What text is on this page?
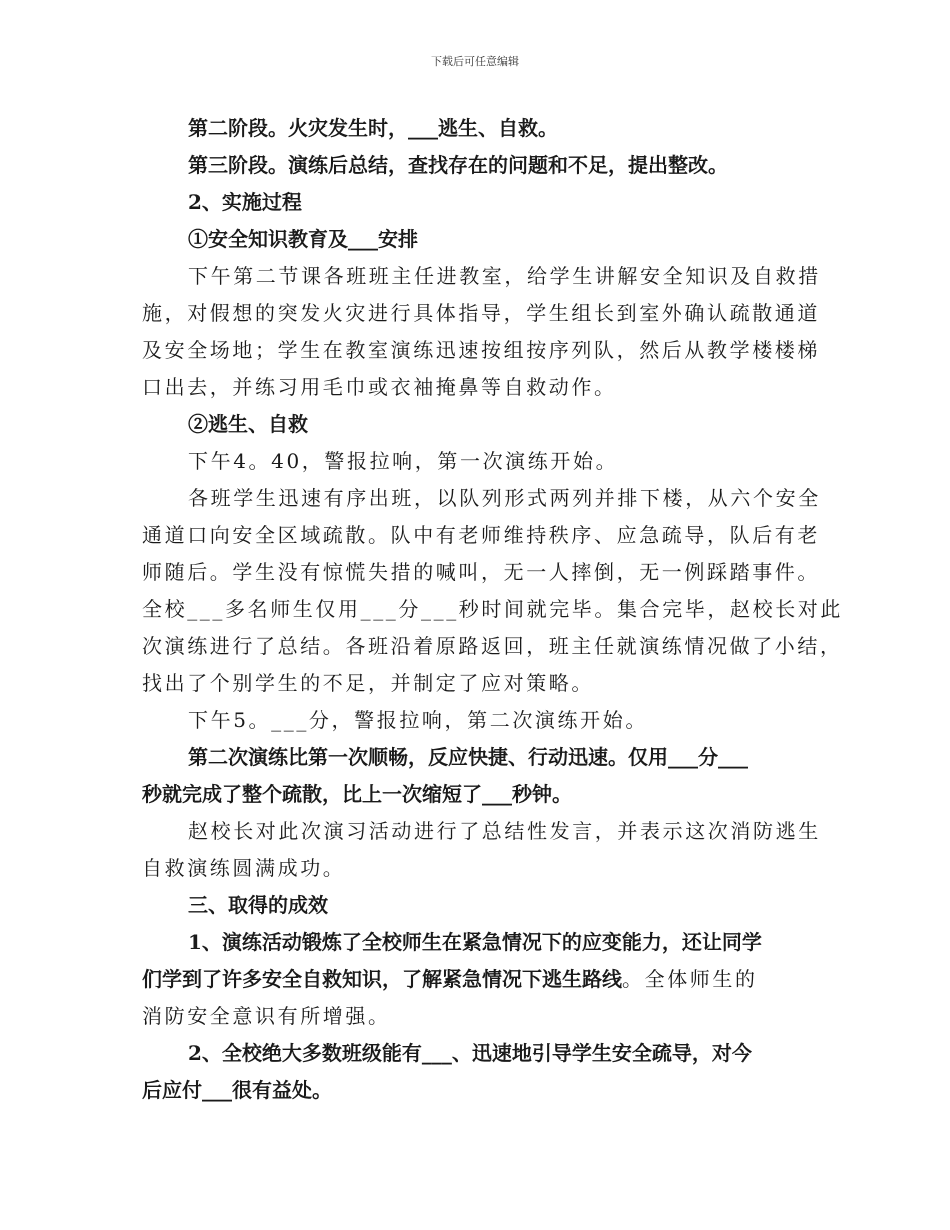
下载后可任意编辑
第二阶段。火灾发生时，___逃生、自救。
第三阶段。演练后总结，查找存在的问题和不足，提出整改。
2、实施过程
①安全知识教育及___安排
下午第二节课各班班主任进教室，给学生讲解安全知识及自救措
施，对假想的突发火灾进行具体指导，学生组长到室外确认疏散通道
及安全场地；学生在教室演练迅速按组按序列队，然后从教学楼楼梯
口出去，并练习用毛巾或衣袖掩鼻等自救动作。
②逃生、自救
下午4。40，警报拉响，第一次演练开始。
各班学生迅速有序出班，以队列形式两列并排下楼，从六个安全
通道口向安全区域疏散。队中有老师维持秩序、应急疏导，队后有老
师随后。学生没有惊慌失措的喊叫，无一人摔倒，无一例踩踏事件。
全校___多名师生仅用___分___秒时间就完毕。集合完毕，赵校长对此
次演练进行了总结。各班沿着原路返回，班主任就演练情况做了小结，
找出了个别学生的不足，并制定了应对策略。
下午5。___分，警报拉响，第二次演练开始。
第二次演练比第一次顺畅，反应快捷、行动迅速。仅用___分___
秒就完成了整个疏散，比上一次缩短了___秒钟。
赵校长对此次演习活动进行了总结性发言，并表示这次消防逃生
自救演练圆满成功。
三、取得的成效
1、演练活动锻炼了全校师生在紧急情况下的应变能力，还让同学
们学到了许多安全自救知识，了解紧急情况下逃生路线。全体师生的
消防安全意识有所增强。
2、全校绝大多数班级能有___、迅速地引导学生安全疏导，对今
后应付___很有益处。
